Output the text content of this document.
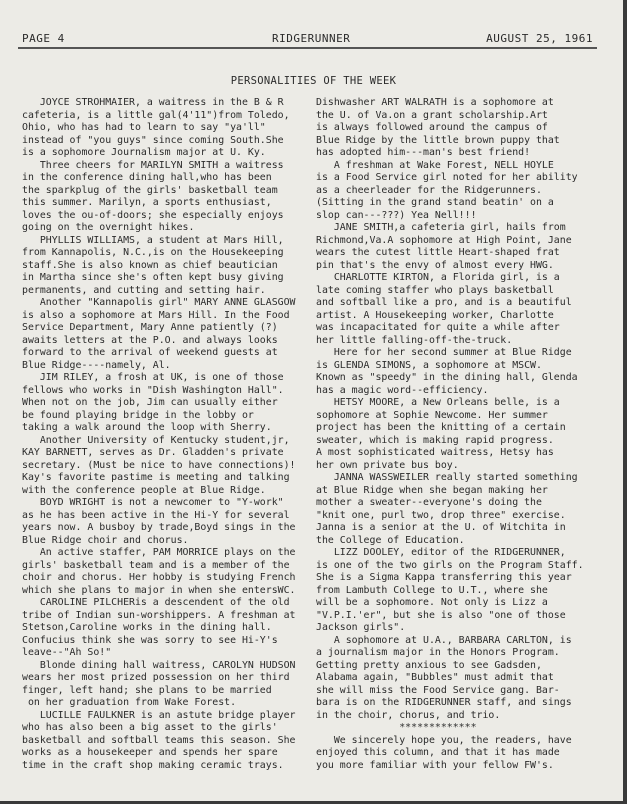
PAGE 4	RIDGERUNNER	AUGUST 25, 1961
PERSONALITIES OF THE WEEK
JOYCE STROHMAIER, a waitress in the B & R
cafeteria, is a little gal(4'11")from Toledo,
Ohio, who has had to learn to say "ya'll"
instead of "you guys" since coming South.She
is a sophomore Journalism major at U. Ky.
Three cheers for MARILYN SMITH a waitress
in the conference dining hall,who has been
the sparkplug of the girls' basketball team
this summer. Marilyn, a sports enthusiast,
loves the ou-of-doors; she especially enjoys
going on the overnight hikes.
PHYLLIS WILLIAMS, a student at Mars Hill,
from Kannapolis, N.C.,is on the Housekeeping
staff.She is also known as chief beautician
in Martha since she's often kept busy giving
permanents, and cutting and setting hair.
Another "Kannapolis girl" MARY ANNE GLASGOW
is also a sophomore at Mars Hill. In the Food
Service Department, Mary Anne patiently (?)
awaits letters at the P.O. and always looks
forward to the arrival of weekend guests at
Blue Ridge----namely, Al.
JIM RILEY, a frosh at UK, is one of those
fellows who works in "Dish Washington Hall".
When not on the job, Jim can usually either
be found playing bridge in the lobby or
taking a walk around the loop with Sherry.
Another University of Kentucky student,jr,
KAY BARNETT, serves as Dr. Gladden's private
secretary. (Must be nice to have connections)!
Kay's favorite pastime is meeting and talking
with the conference people at Blue Ridge.
BOYD WRIGHT is not a newcomer to "Y-work"
as he has been active in the Hi-Y for several
years now. A busboy by trade,Boyd sings in the
Blue Ridge choir and chorus.
An active staffer, PAM MORRICE plays on the
girls' basketball team and is a member of the
choir and chorus. Her hobby is studying French
which she plans to major in when she entersWC.
CAROLINE PILCHERis a descendent of the old
tribe of Indian sun-worshippers. A freshman at
Stetson,Caroline works in the dining hall.
Confucius think she was sorry to see Hi-Y's
leave--"Ah So!"
Blonde dining hall waitress, CAROLYN HUDSON
wears her most prized possession on her third
finger, left hand; she plans to be married
on her graduation from Wake Forest.
LUCILLE FAULKNER is an astute bridge player
who has also been a big asset to the girls'
basketball and softball teams this season. She
works as a housekeeper and spends her spare
time in the craft shop making ceramic trays.
Dishwasher ART WALRATH is a sophomore at
the U. of Va.on a grant scholarship.Art
is always followed around the campus of
Blue Ridge by the little brown puppy that
has adopted him---man's best friend!
A freshman at Wake Forest, NELL HOYLE
is a Food Service girl noted for her ability
as a cheerleader for the Ridgerunners.
(Sitting in the grand stand beatin' on a
slop can---???) Yea Nell!!!
JANE SMITH,a cafeteria girl, hails from
Richmond,Va.A sophomore at High Point, Jane
wears the cutest little Heart-shaped frat
pin that's the envy of almost every HWG.
CHARLOTTE KIRTON, a Florida girl, is a
late coming staffer who plays basketball
and softball like a pro, and is a beautiful
artist. A Housekeeping worker, Charlotte
was incapacitated for quite a while after
her little falling-off-the-truck.
Here for her second summer at Blue Ridge
is GLENDA SIMONS, a sophomore at MSCW.
Known as "speedy" in the dining hall, Glenda
has a magic word--efficiency.
HETSY MOORE, a New Orleans belle, is a
sophomore at Sophie Newcome. Her summer
project has been the knitting of a certain
sweater, which is making rapid progress.
A most sophisticated waitress, Hetsy has
her own private bus boy.
JANNA WASSWEILER really started something
at Blue Ridge when she began making her
mother a sweater--everyone's doing the
"knit one, purl two, drop three" exercise.
Janna is a senior at the U. of Witchita in
the College of Education.
LIZZ DOOLEY, editor of the RIDGERUNNER,
is one of the two girls on the Program Staff.
She is a Sigma Kappa transferring this year
from Lambuth College to U.T., where she
will be a sophomore. Not only is Lizz a
"V.P.I.'er", but she is also "one of those
Jackson girls".
A sophomore at U.A., BARBARA CARLTON, is
a journalism major in the Honors Program.
Getting pretty anxious to see Gadsden,
Alabama again, "Bubbles" must admit that
she will miss the Food Service gang. Bar-
bara is on the RIDGERUNNER staff, and sings
in the choir, chorus, and trio.
*************
We sincerely hope you, the readers, have
enjoyed this column, and that it has made
you more familiar with your fellow FW's.
